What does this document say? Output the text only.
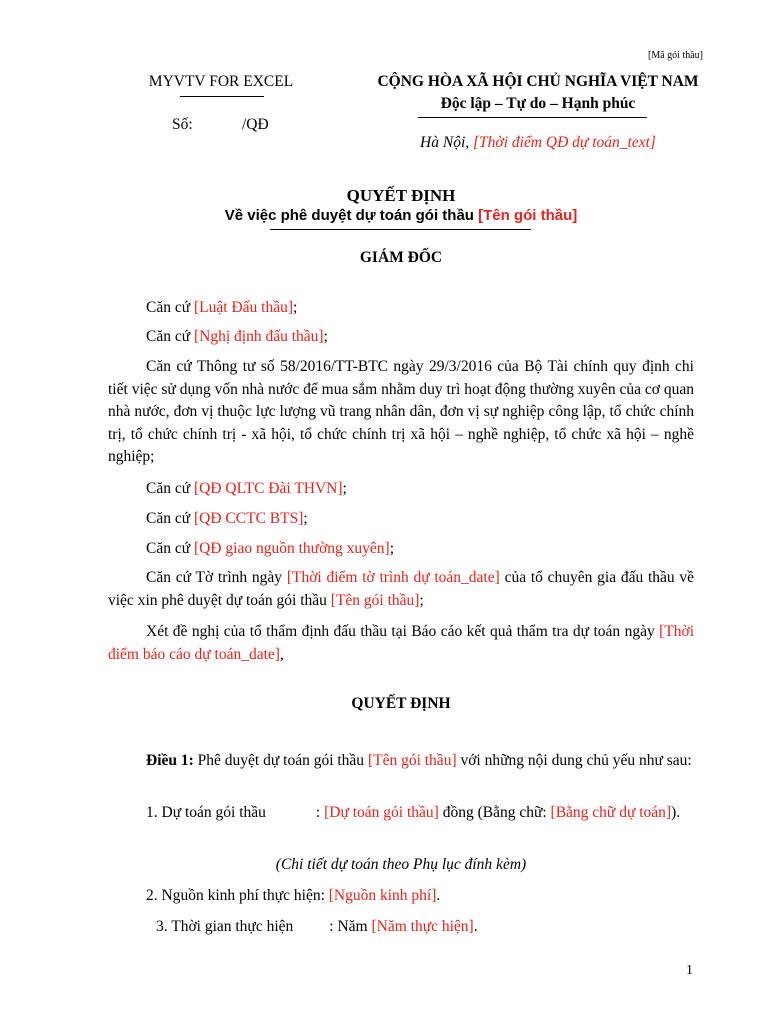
[Mã gói thầu]
MYVTV FOR EXCEL
Số:	/QĐ
CỘNG HÒA XÃ HỘI CHỦ NGHĨA VIỆT NAM
Độc lập – Tự do – Hạnh phúc
Hà Nội, [Thời điểm QĐ dự toán_text]
QUYẾT ĐỊNH
Về việc phê duyệt dự toán gói thầu [Tên gói thầu]
GIÁM ĐỐC
Căn cứ [Luật Đấu thầu];
Căn cứ [Nghị định đấu thầu];
Căn cứ Thông tư số 58/2016/TT-BTC ngày 29/3/2016 của Bộ Tài chính quy định chi tiết việc sử dụng vốn nhà nước để mua sắm nhằm duy trì hoạt động thường xuyên của cơ quan nhà nước, đơn vị thuộc lực lượng vũ trang nhân dân, đơn vị sự nghiệp công lập, tổ chức chính trị, tổ chức chính trị - xã hội, tổ chức chính trị xã hội – nghề nghiệp, tổ chức xã hội – nghề nghiệp;
Căn cứ [QĐ QLTC Đài THVN];
Căn cứ [QĐ CCTC BTS];
Căn cứ [QĐ giao nguồn thường xuyên];
Căn cứ Tờ trình ngày [Thời điểm tờ trình dự toán_date] của tổ chuyên gia đấu thầu về việc xin phê duyệt dự toán gói thầu [Tên gói thầu];
Xét đề nghị của tổ thẩm định đấu thầu tại Báo cáo kết quả thẩm tra dự toán ngày [Thời điểm báo cáo dự toán_date],
QUYẾT ĐỊNH
Điều 1: Phê duyệt dự toán gói thầu [Tên gói thầu] với những nội dung chủ yếu như sau:
1. Dự toán gói thầu	: [Dự toán gói thầu] đồng (Bằng chữ: [Bằng chữ dự toán]).
(Chi tiết dự toán theo Phụ lục đính kèm)
2. Nguồn kinh phí thực hiện: [Nguồn kinh phí].
3. Thời gian thực hiện : Năm [Năm thực hiện].
1
